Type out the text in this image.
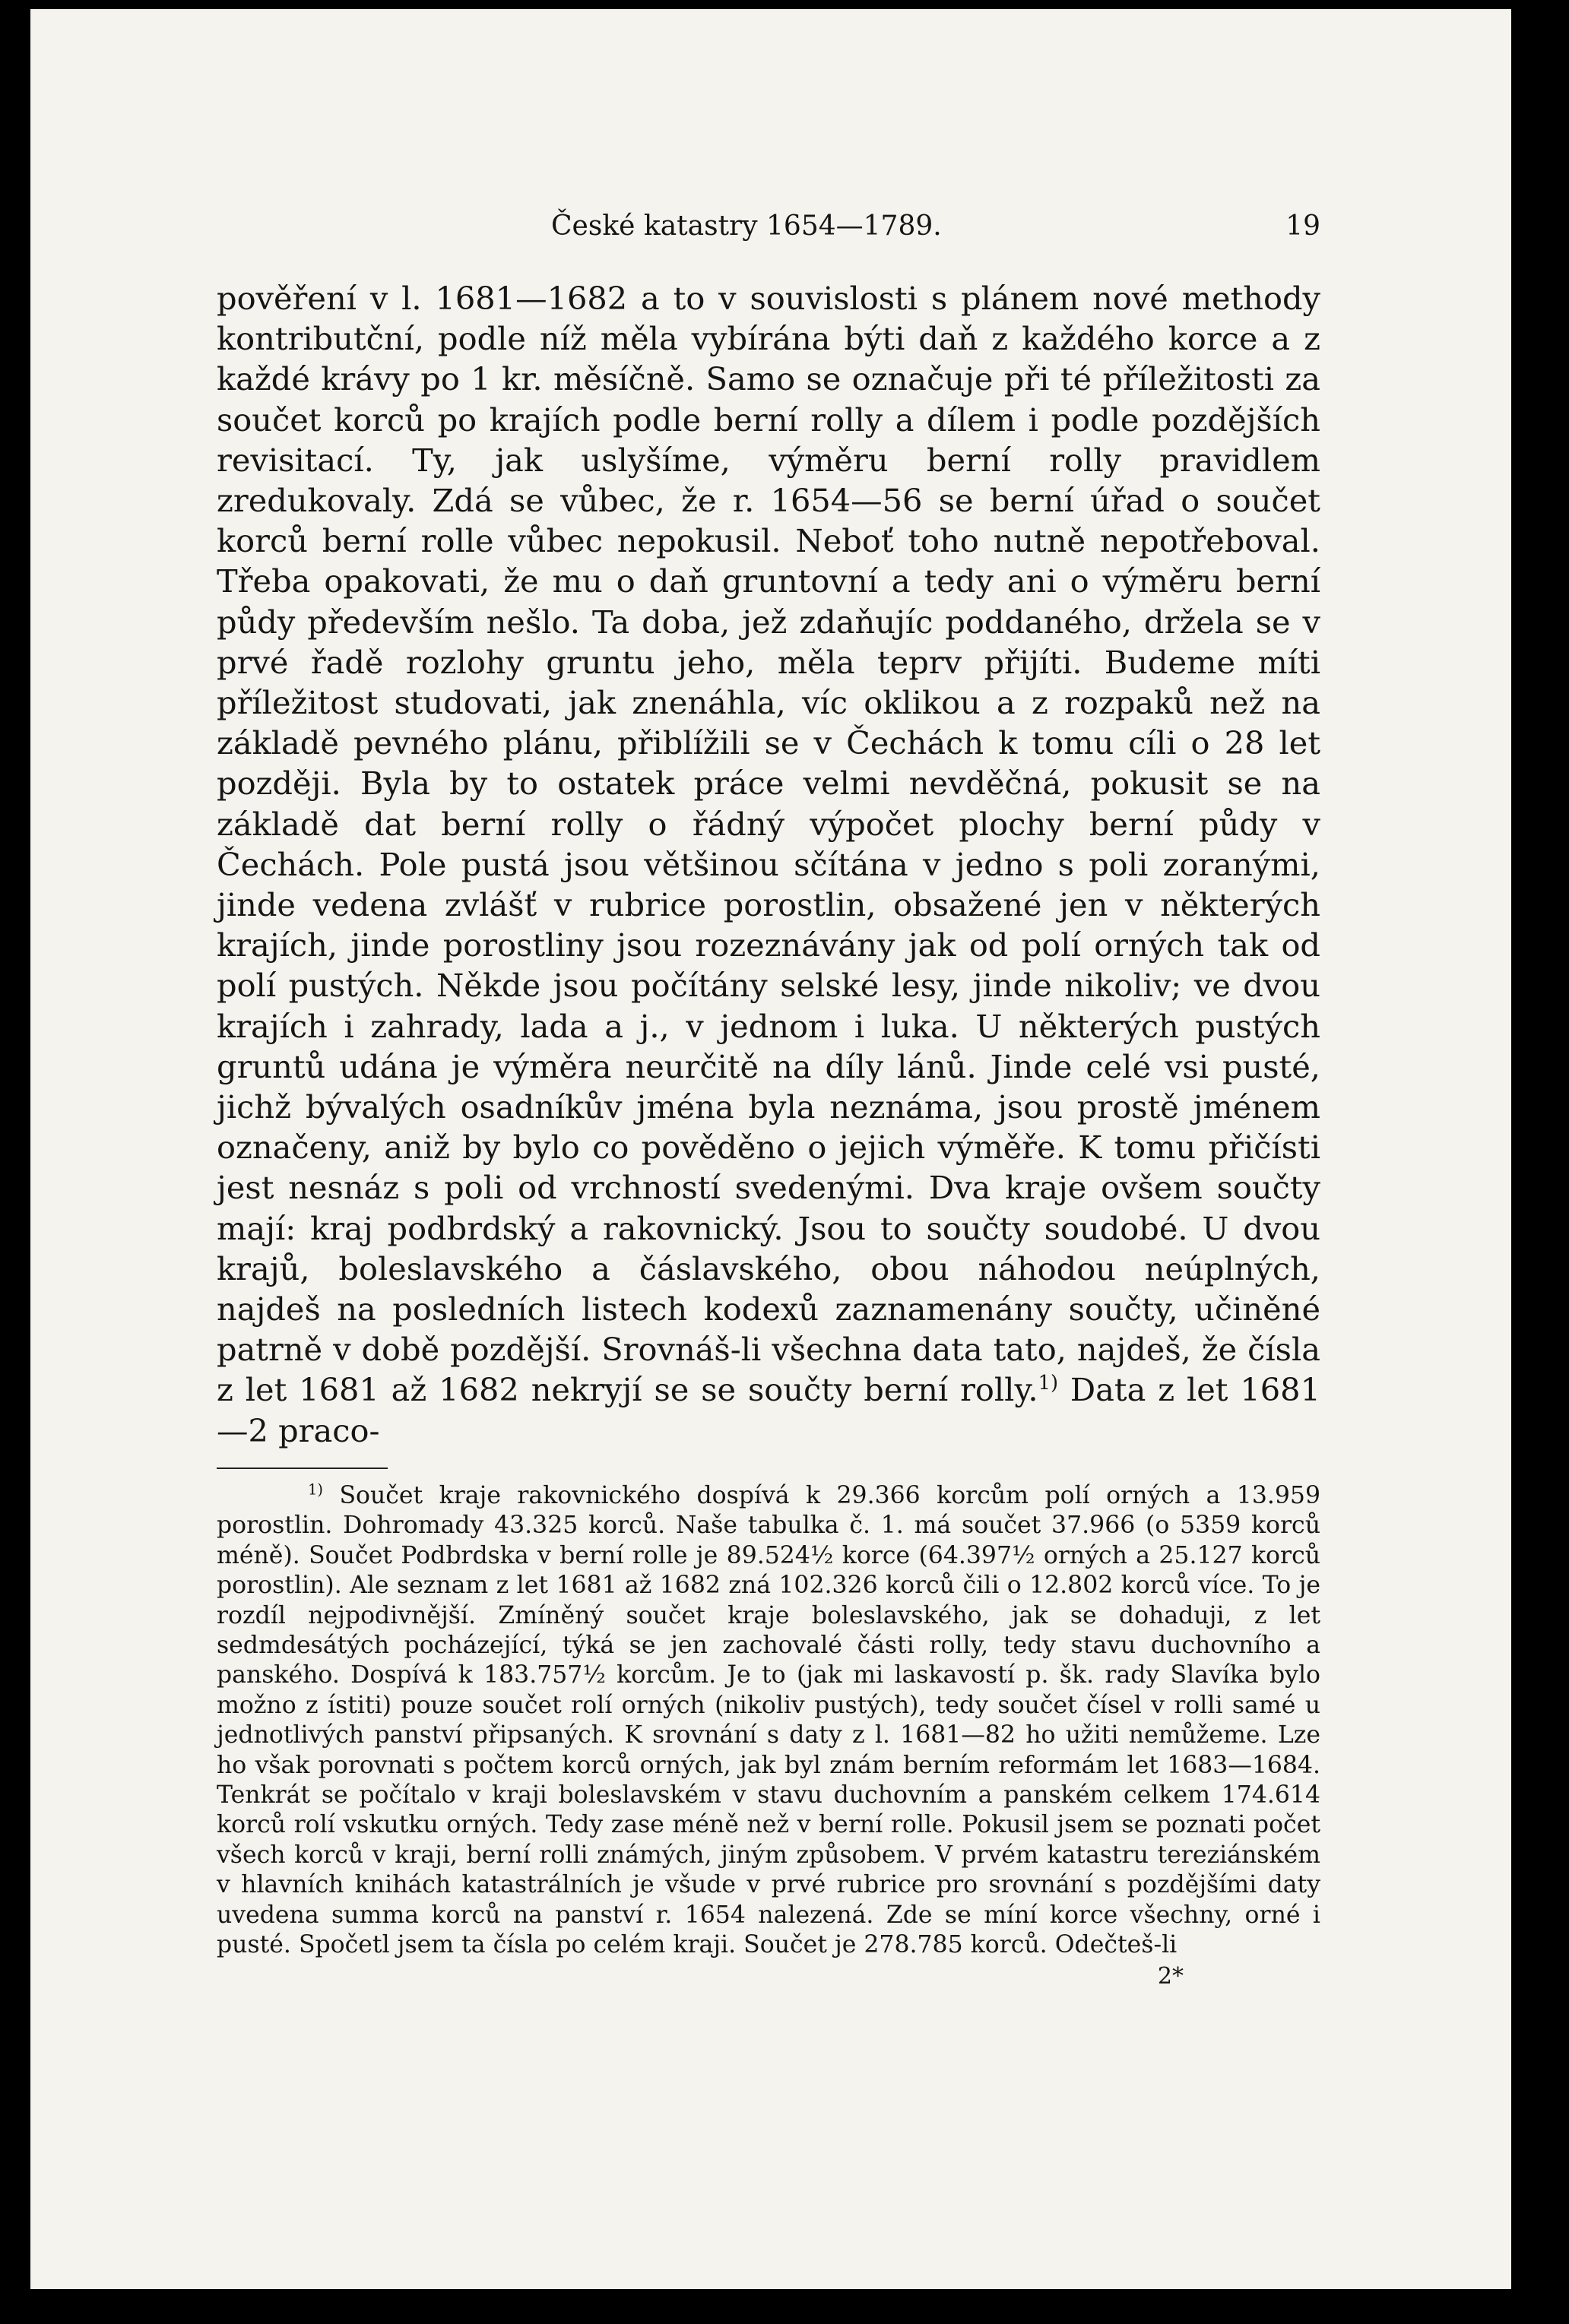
České katastry 1654—1789.	19

pověření v l. 1681—1682 a to v souvislosti s plánem nové methody kontributční, podle níž měla vybírána býti daň z každého korce a z každé krávy po 1 kr. měsíčně. Samo se označuje při té příležitosti za součet korců po krajích podle berní rolly a dílem i podle pozdějších revisitací. Ty, jak uslyšíme, výměru berní rolly pravidlem zredukovaly. Zdá se vůbec, že r. 1654—56 se berní úřad o součet korců berní rolle vůbec nepokusil. Neboť toho nutně nepotřeboval. Třeba opakovati, že mu o daň gruntovní a tedy ani o výměru berní půdy především nešlo. Ta doba, jež zdaňujíc poddaného, držela se v prvé řadě rozlohy gruntu jeho, měla teprv přijíti. Budeme míti příležitost studovati, jak znenáhla, víc oklikou a z rozpaků než na základě pevného plánu, přiblížili se v Čechách k tomu cíli o 28 let později. Byla by to ostatek práce velmi nevděčná, pokusit se na základě dat berní rolly o řádný výpočet plochy berní půdy v Čechách. Pole pustá jsou většinou sčítána v jedno s poli zoranými, jinde vedena zvlášť v rubrice porostlin, obsažené jen v některých krajích, jinde porostliny jsou rozeznávány jak od polí orných tak od polí pustých. Někde jsou počítány selské lesy, jinde nikoliv; ve dvou krajích i zahrady, lada a j., v jednom i luka. U některých pustých gruntů udána je výměra neurčitě na díly lánů. Jinde celé vsi pusté, jichž bývalých osadníkův jména byla neznáma, jsou prostě jménem označeny, aniž by bylo co pověděno o jejich výměře. K tomu přičísti jest nesnáz s poli od vrchností svedenými. Dva kraje ovšem součty mají: kraj podbrdský a rakovnický. Jsou to součty soudobé. U dvou krajů, boleslavského a čáslavského, obou náhodou neúplných, najdeš na posledních listech kodexů zaznamenány součty, učiněné patrně v době pozdější. Srovnáš-li všechna data tato, najdeš, že čísla z let 1681 až 1682 nekryjí se se součty berní rolly.$^{1)}$ Data z let 1681—2 praco-

$^{1)}$ Součet kraje rakovnického dospívá k 29.366 korcům polí orných a 13.959 porostlin. Dohromady 43.325 korců. Naše tabulka č. 1. má součet 37.966 (o 5359 korců méně). Součet Podbrdska v berní rolle je 89.524½ korce (64.397½ orných a 25.127 korců porostlin). Ale seznam z let 1681 až 1682 zná 102.326 korců čili o 12.802 korců více. To je rozdíl nejpodivnější. Zmíněný součet kraje boleslavského, jak se dohaduji, z let sedmdesátých pocházející, týká se jen zachovalé části rolly, tedy stavu duchovního a panského. Dospívá k 183.757½ korcům. Je to (jak mi laskavostí p. šk. rady Slavíka bylo možno z ístiti) pouze součet rolí orných (nikoliv pustých), tedy součet čísel v rolli samé u jednotlivých panství připsaných. K srovnání s daty z l. 1681—82 ho užiti nemůžeme. Lze ho však porovnati s počtem korců orných, jak byl znám berním reformám let 1683—1684. Tenkrát se počítalo v kraji boleslavském v stavu duchovním a panském celkem 174.614 korců rolí vskutku orných. Tedy zase méně než v berní rolle. Pokusil jsem se poznati počet všech korců v kraji, berní rolli známých, jiným způsobem. V prvém katastru tereziánském v hlavních knihách katastrálních je všude v prvé rubrice pro srovnání s pozdějšími daty uvedena summa korců na panství r. 1654 nalezená. Zde se míní korce všechny, orné i pusté. Spočetl jsem ta čísla po celém kraji. Součet je 278.785 korců. Odečteš-li

2*
